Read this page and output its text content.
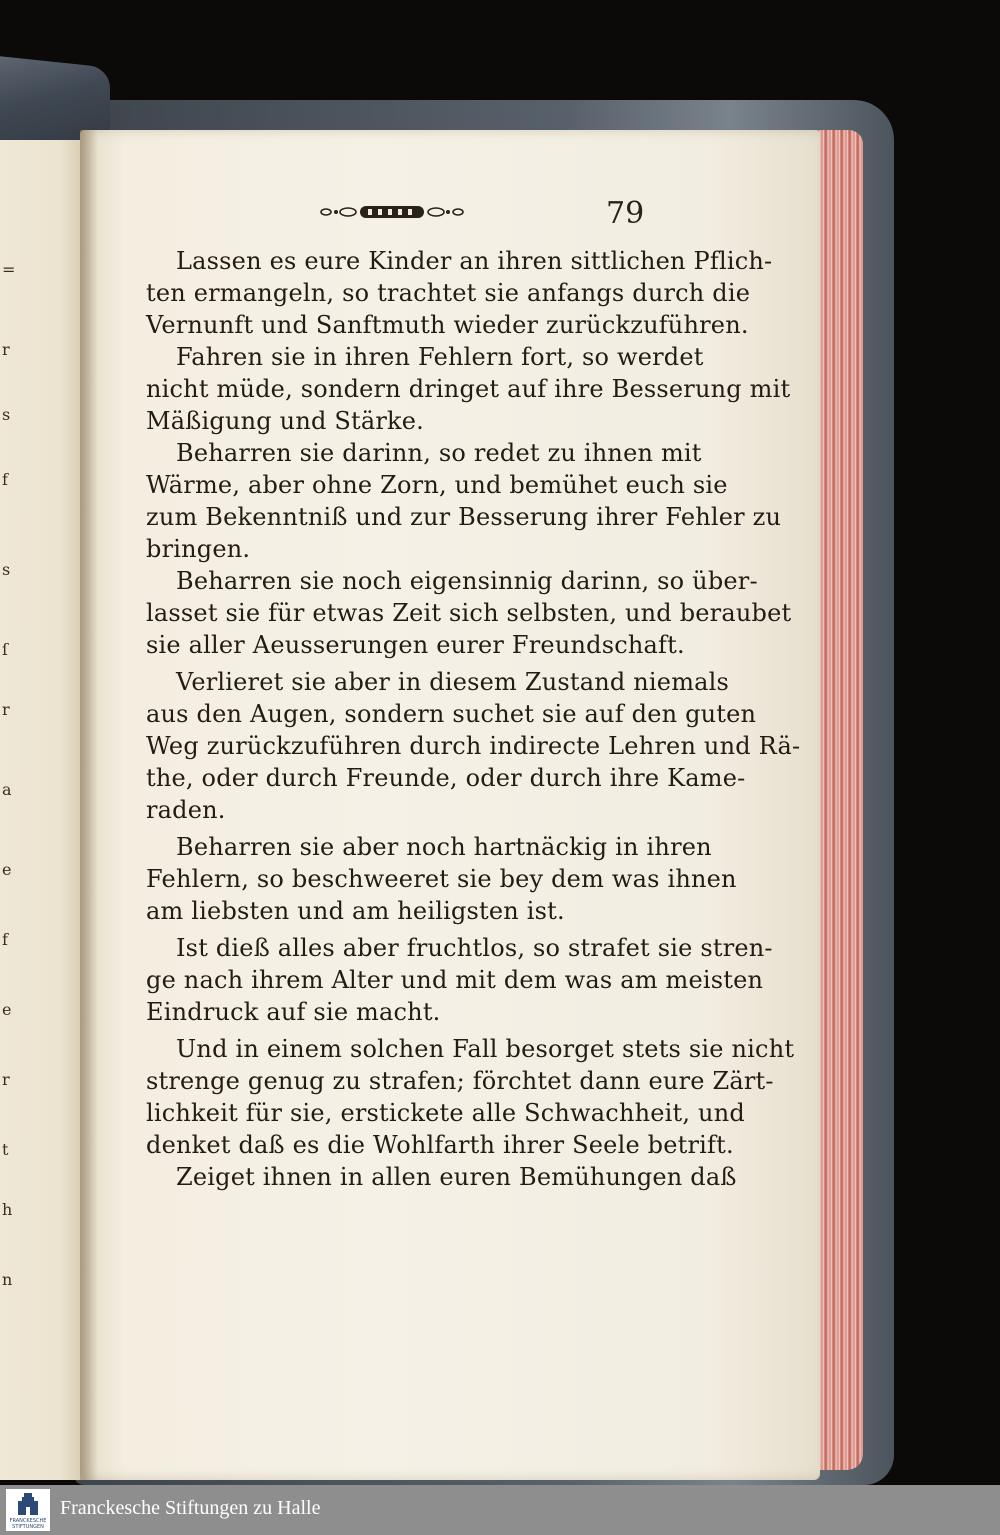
=
r
s
f
s
ſ
r
a
e
f
e
r
t
h
n
79
Lassen es eure Kinder an ihren sittlichen Pflich-
ten ermangeln, so trachtet sie anfangs durch die
Vernunft und Sanftmuth wieder zurückzuführen.
Fahren sie in ihren Fehlern fort, so werdet
nicht müde, sondern dringet auf ihre Besserung mit
Mäßigung und Stärke.
Beharren sie darinn, so redet zu ihnen mit
Wärme, aber ohne Zorn, und bemühet euch sie
zum Bekenntniß und zur Besserung ihrer Fehler zu
bringen.
Beharren sie noch eigensinnig darinn, so über-
lasset sie für etwas Zeit sich selbsten, und beraubet
sie aller Aeusserungen eurer Freundschaft.
Verlieret sie aber in diesem Zustand niemals
aus den Augen, sondern suchet sie auf den guten
Weg zurückzuführen durch indirecte Lehren und Rä-
the, oder durch Freunde, oder durch ihre Kame-
raden.
Beharren sie aber noch hartnäckig in ihren
Fehlern, so beschweeret sie bey dem was ihnen
am liebsten und am heiligsten ist.
Ist dieß alles aber fruchtlos, so strafet sie stren-
ge nach ihrem Alter und mit dem was am meisten
Eindruck auf sie macht.
Und in einem solchen Fall besorget stets sie nicht
strenge genug zu strafen; förchtet dann eure Zärt-
lichkeit für sie, erstickete alle Schwachheit, und
denket daß es die Wohlfarth ihrer Seele betrift.
Zeiget ihnen in allen euren Bemühungen daß
FRANCKESCHE STIFTUNGEN
Franckesche Stiftungen zu Halle
